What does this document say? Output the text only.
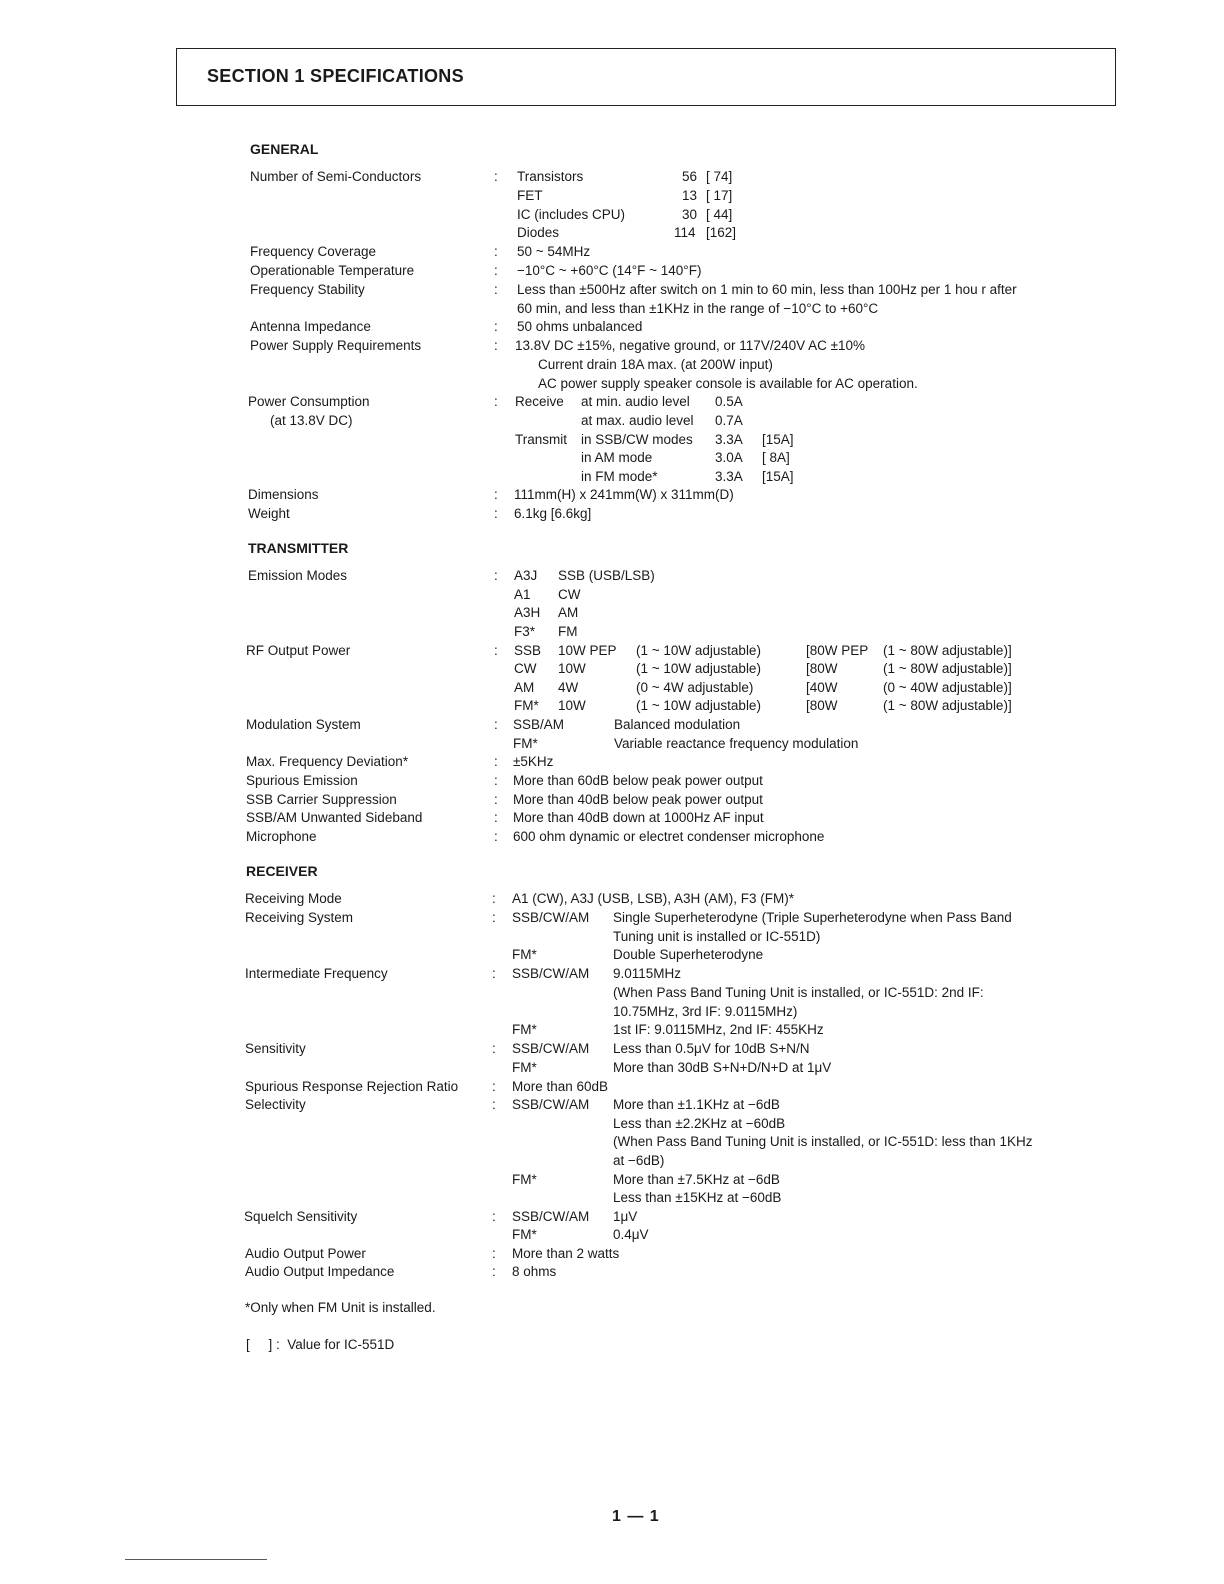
SECTION 1 SPECIFICATIONS
GENERAL
Number of Semi-Conductors	: Transistors	56 [ 74]
FET	13 [ 17]
IC (includes CPU)	30 [ 44]
Diodes	114 [162]
Frequency Coverage	: 50 ~ 54MHz
Operationable Temperature	: −10°C ~ +60°C (14°F ~ 140°F)
Frequency Stability	: Less than ±500Hz after switch on 1 min to 60 min, less than 100Hz per 1 hou r after
60 min, and less than ±1KHz in the range of −10°C to +60°C
Antenna Impedance	: 50 ohms unbalanced
Power Supply Requirements	: 13.8V DC ±15%, negative ground, or 117V/240V AC ±10%
Current drain 18A max. (at 200W input)
AC power supply speaker console is available for AC operation.
Power Consumption	: Receive at min. audio level 0.5A
(at 13.8V DC)	at max. audio level 0.7A
Transmit in SSB/CW modes 3.3A [15A]
in AM mode	3.0A [ 8A]
in FM mode*	3.3A [15A]
Dimensions	: 111mm(H) x 241mm(W) x 311mm(D)
Weight	: 6.1kg [6.6kg]
TRANSMITTER
Emission Modes	: A3J SSB (USB/LSB)
A1 CW
A3H AM
F3* FM
RF Output Power	: SSB 10W PEP (1 ~ 10W adjustable)	[80W PEP (1 ~ 80W adjustable)]
CW 10W	(1 ~ 10W adjustable)	[80W	(1 ~ 80W adjustable)]
AM 4W	(0 ~ 4W adjustable)	[40W	(0 ~ 40W adjustable)]
FM* 10W	(1 ~ 10W adjustable)	[80W	(1 ~ 80W adjustable)]
Modulation System	: SSB/AM	Balanced modulation
FM*	Variable reactance frequency modulation
Max. Frequency Deviation*	: ±5KHz
Spurious Emission	: More than 60dB below peak power output
SSB Carrier Suppression	: More than 40dB below peak power output
SSB/AM Unwanted Sideband	: More than 40dB down at 1000Hz AF input
Microphone	: 600 ohm dynamic or electret condenser microphone
RECEIVER
Receiving Mode	: A1 (CW), A3J (USB, LSB), A3H (AM), F3 (FM)*
Receiving System	: SSB/CW/AM Single Superheterodyne (Triple Superheterodyne when Pass Band
Tuning unit is installed or IC-551D)
FM*	Double Superheterodyne
Intermediate Frequency	: SSB/CW/AM 9.0115MHz
(When Pass Band Tuning Unit is installed, or IC-551D: 2nd IF:
10.75MHz, 3rd IF: 9.0115MHz)
FM*	1st IF: 9.0115MHz, 2nd IF: 455KHz
Sensitivity	: SSB/CW/AM Less than 0.5μV for 10dB S+N/N
FM*	More than 30dB S+N+D/N+D at 1μV
Spurious Response Rejection Ratio	: More than 60dB
Selectivity	: SSB/CW/AM More than ±1.1KHz at −6dB
Less than ±2.2KHz at −60dB
(When Pass Band Tuning Unit is installed, or IC-551D: less than 1KHz
at −6dB)
FM*	More than ±7.5KHz at −6dB
Less than ±15KHz at −60dB
Squelch Sensitivity	: SSB/CW/AM 1μV
FM*	0.4μV
Audio Output Power	: More than 2 watts
Audio Output Impedance	: 8 ohms
*Only when FM Unit is installed.
[     ] :  Value for IC-551D
1 — 1
